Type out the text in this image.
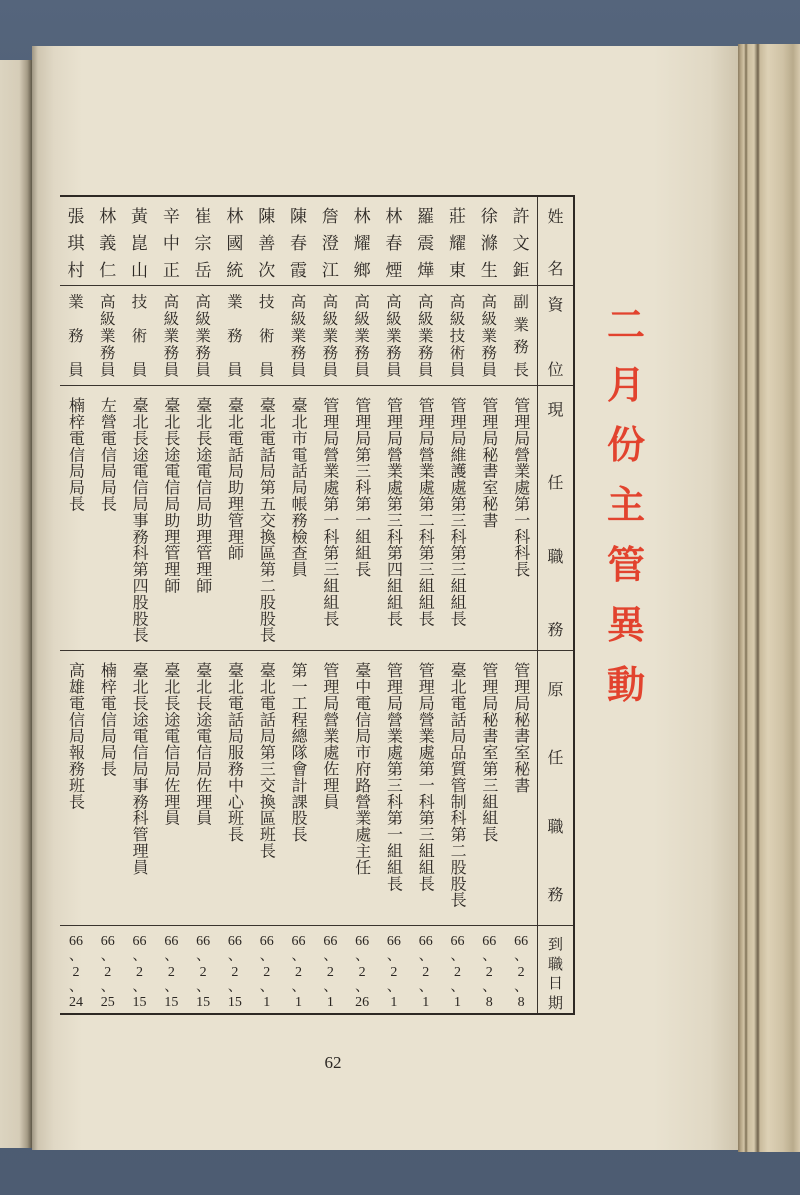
二
月
份
主
管
異
動
姓
名
資
位
現
任
職
務
原
任
職
務
到
職
日
期
許
文
鉅
副
業
務
長
管理局營業處第一科科長
管理局秘書室秘書
66
、
2
、
8
徐
滌
生
高
級
業
務
員
管理局秘書室秘書
管理局秘書室第三組組長
66
、
2
、
8
莊
耀
東
高
級
技
術
員
管理局維護處第三科第三組組長
臺北電話局品質管制科第二股股長
66
、
2
、
1
羅
震
燁
高
級
業
務
員
管理局營業處第二科第三組組長
管理局營業處第一科第三組組長
66
、
2
、
1
林
春
煙
高
級
業
務
員
管理局營業處第三科第四組組長
管理局營業處第三科第一組組長
66
、
2
、
1
林
耀
鄉
高
級
業
務
員
管理局第三科第一組組長
臺中電信局市府路營業處主任
66
、
2
、
26
詹
澄
江
高
級
業
務
員
管理局營業處第一科第三組組長
管理局營業處佐理員
66
、
2
、
1
陳
春
霞
高
級
業
務
員
臺北市電話局帳務檢查員
第一工程總隊會計課股長
66
、
2
、
1
陳
善
次
技
術
員
臺北電話局第五交換區第二股股長
臺北電話局第三交換區班長
66
、
2
、
1
林
國
統
業
務
員
臺北電話局助理管理師
臺北電話局服務中心班長
66
、
2
、
15
崔
宗
岳
高
級
業
務
員
臺北長途電信局助理管理師
臺北長途電信局佐理員
66
、
2
、
15
辛
中
正
高
級
業
務
員
臺北長途電信局助理管理師
臺北長途電信局佐理員
66
、
2
、
15
黃
崑
山
技
術
員
臺北長途電信局事務科第四股股長
臺北長途電信局事務科管理員
66
、
2
、
15
林
義
仁
高
級
業
務
員
左營電信局局長
楠梓電信局局長
66
、
2
、
25
張
琪
村
業
務
員
楠梓電信局局長
高雄電信局報務班長
66
、
2
、
24
62
